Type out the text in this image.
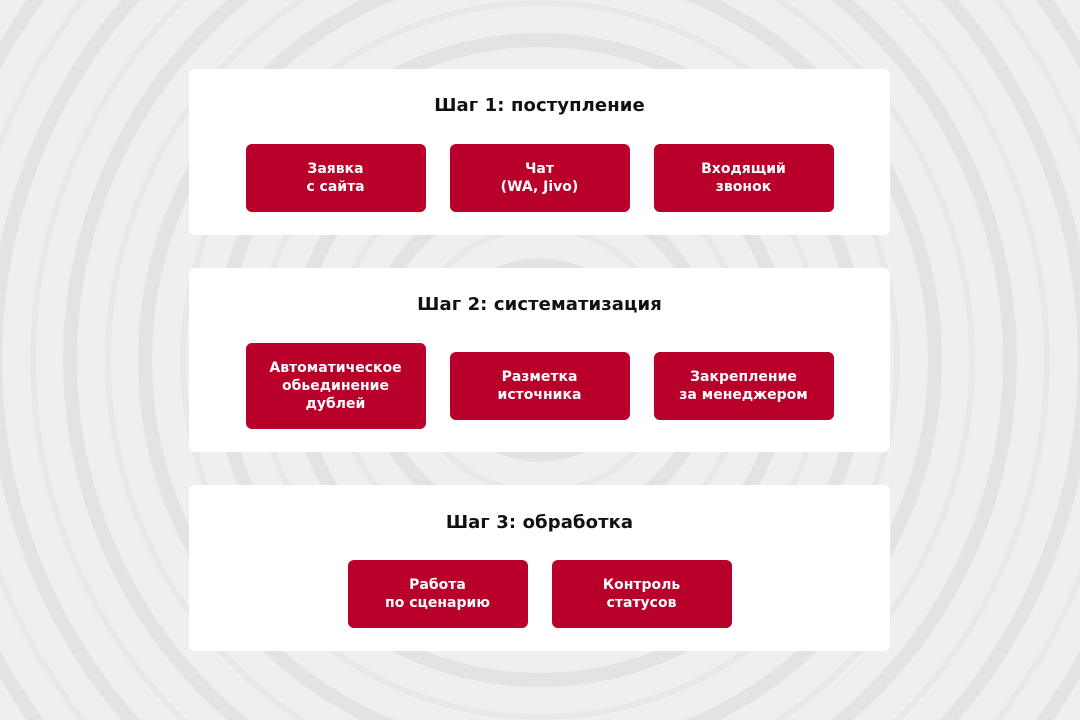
Шаг 1: поступление
Заявка
с сайта
Чат
(WA, Jivo)
Входящий
звонок
Шаг 2: систематизация
Автоматическое
обьединение
дублей
Разметка
источника
Закрепление
за менеджером
Шаг 3: обработка
Работа
по сценарию
Контроль
статусов
